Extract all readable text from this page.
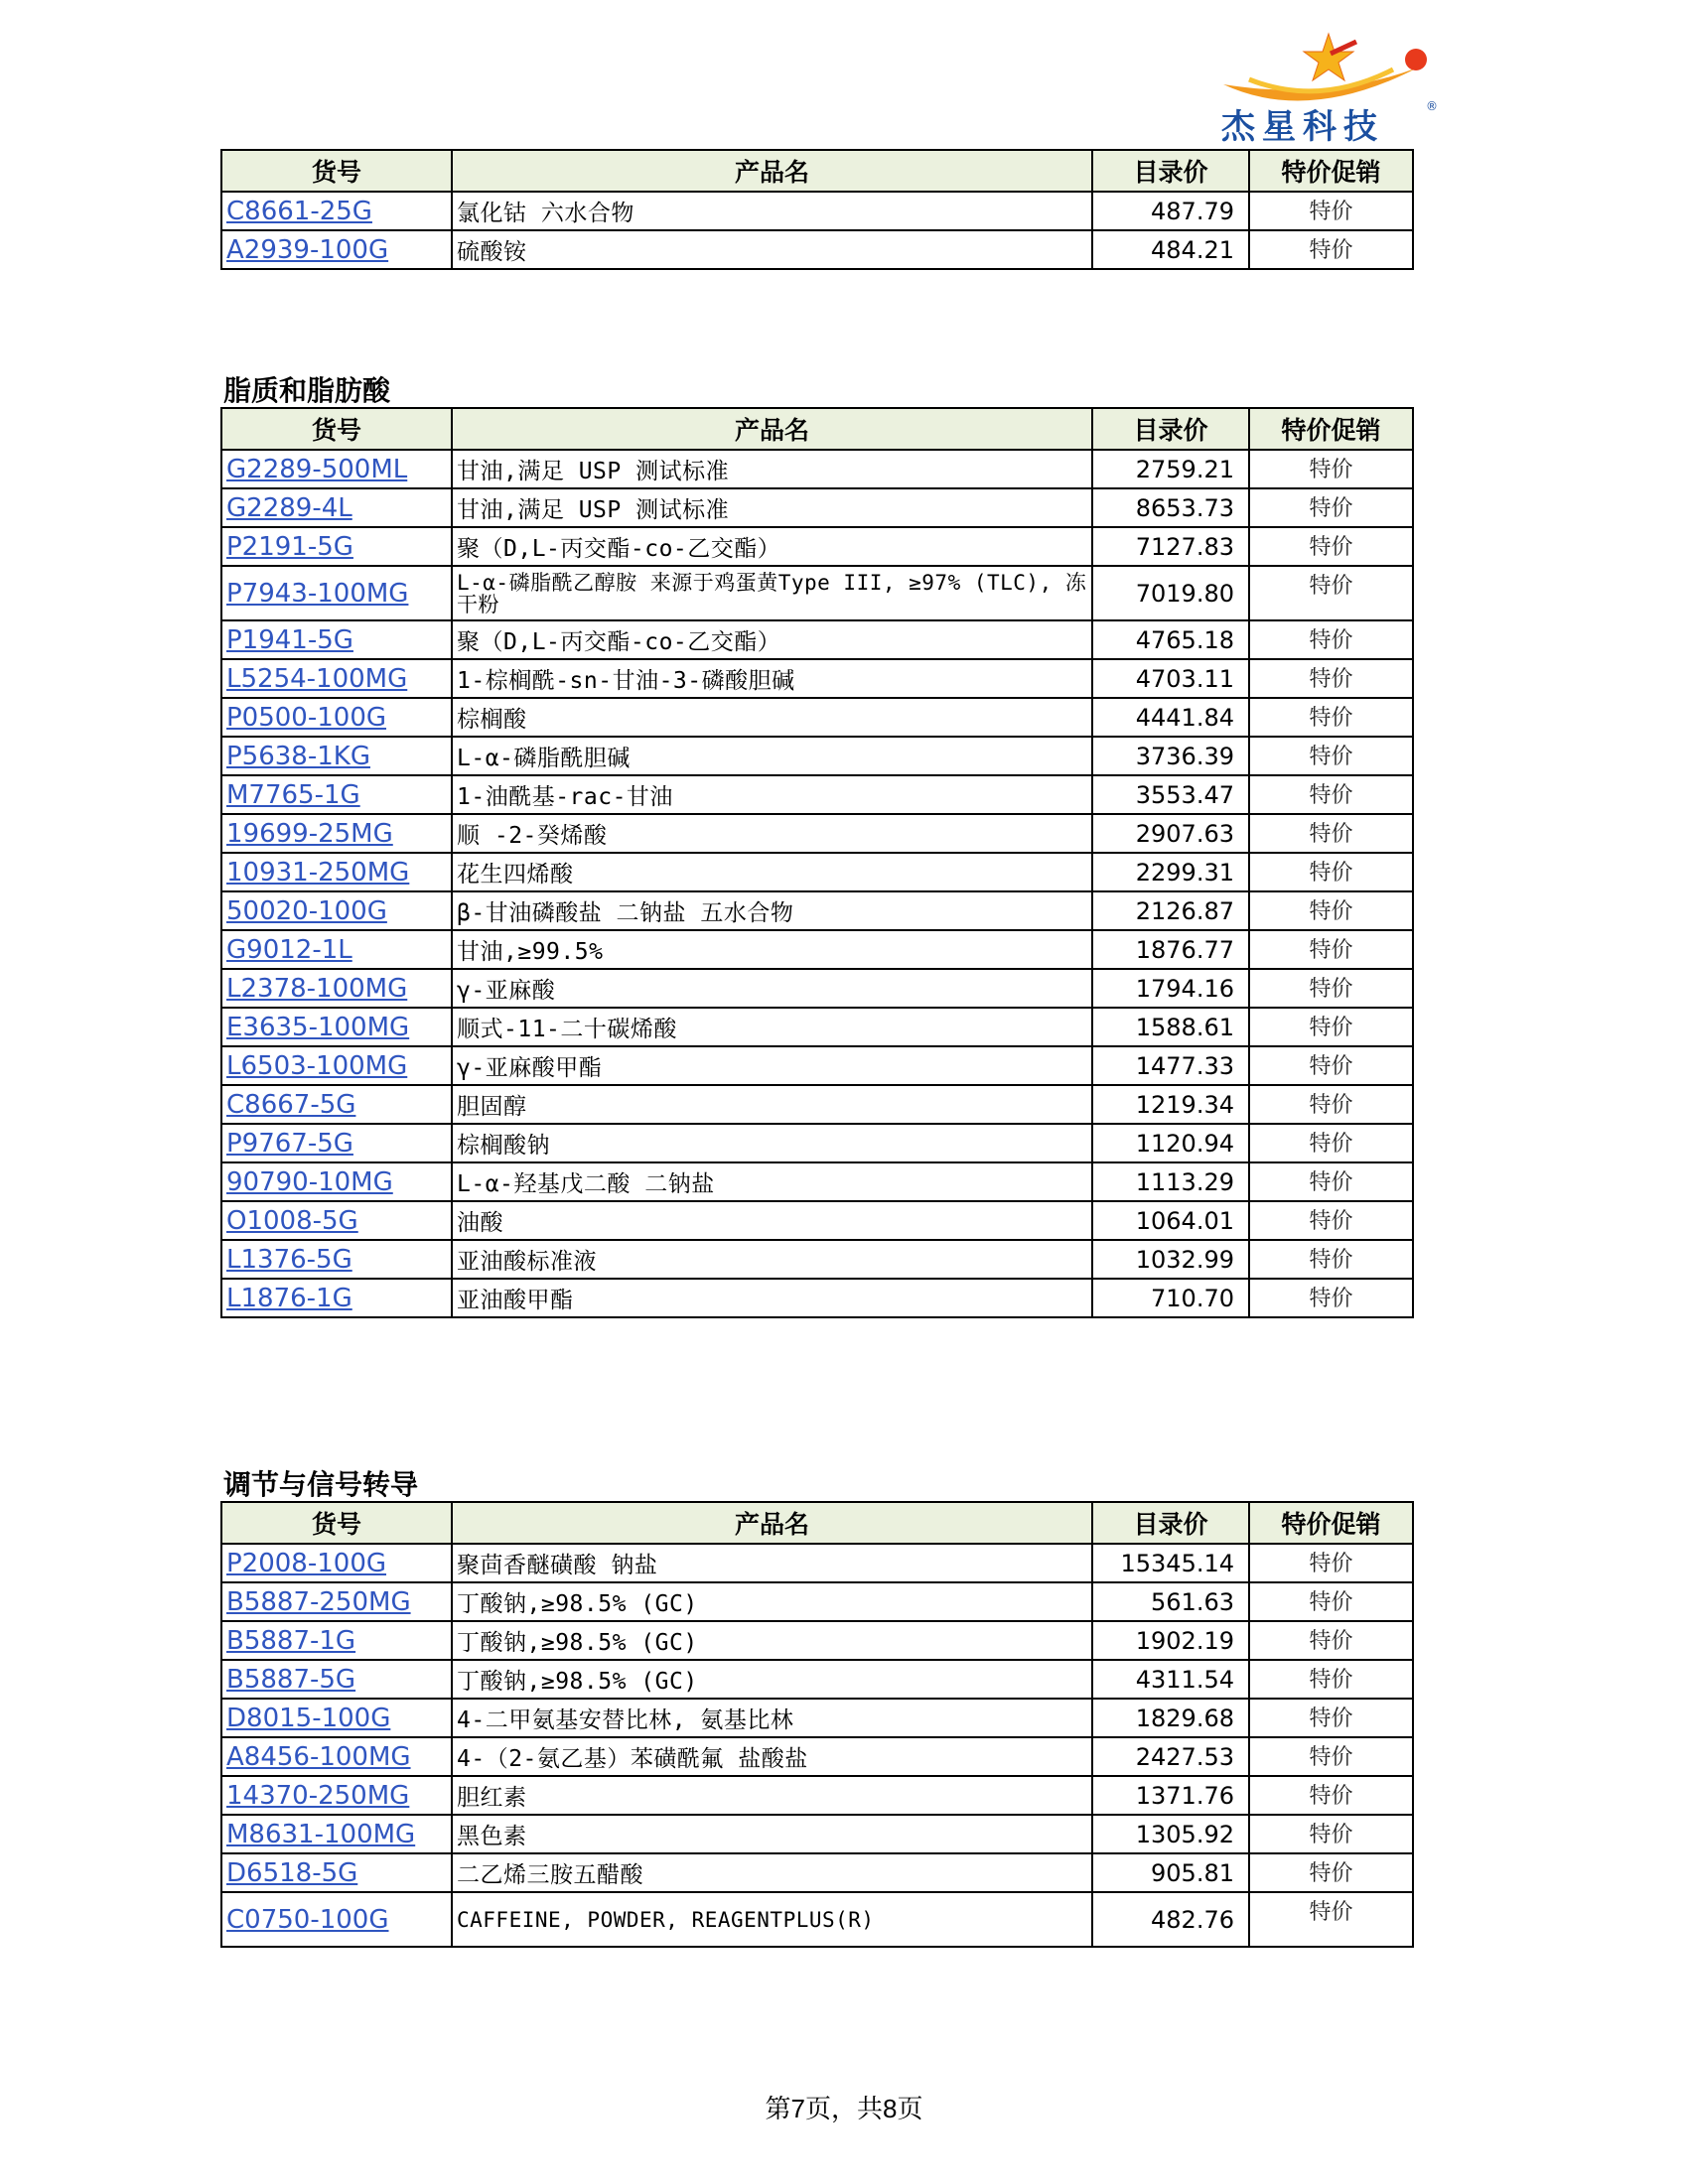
杰星科技
®
货号	产品名	目录价	特价促销
C8661-25G	氯化钴 六水合物	487.79	特价
A2939-100G	硫酸铵	484.21	特价
脂质和脂肪酸
货号	产品名	目录价	特价促销
G2289-500ML	甘油,满足 USP 测试标准	2759.21	特价
G2289-4L	甘油,满足 USP 测试标准	8653.73	特价
P2191-5G	聚（D,L-丙交酯-co-乙交酯）	7127.83	特价
P7943-100MG	L-α-磷脂酰乙醇胺 来源于鸡蛋黄Type III, ≥97% (TLC), 冻干粉	7019.80	特价
P1941-5G	聚（D,L-丙交酯-co-乙交酯）	4765.18	特价
L5254-100MG	1-棕榈酰-sn-甘油-3-磷酸胆碱	4703.11	特价
P0500-100G	棕榈酸	4441.84	特价
P5638-1KG	L-α-磷脂酰胆碱	3736.39	特价
M7765-1G	1-油酰基-rac-甘油	3553.47	特价
19699-25MG	顺 -2-癸烯酸	2907.63	特价
10931-250MG	花生四烯酸	2299.31	特价
50020-100G	β-甘油磷酸盐 二钠盐 五水合物	2126.87	特价
G9012-1L	甘油,≥99.5%	1876.77	特价
L2378-100MG	γ-亚麻酸	1794.16	特价
E3635-100MG	顺式-11-二十碳烯酸	1588.61	特价
L6503-100MG	γ-亚麻酸甲酯	1477.33	特价
C8667-5G	胆固醇	1219.34	特价
P9767-5G	棕榈酸钠	1120.94	特价
90790-10MG	L-α-羟基戊二酸 二钠盐	1113.29	特价
O1008-5G	油酸	1064.01	特价
L1376-5G	亚油酸标准液	1032.99	特价
L1876-1G	亚油酸甲酯	710.70	特价
调节与信号转导
货号	产品名	目录价	特价促销
P2008-100G	聚茴香醚磺酸 钠盐	15345.14	特价
B5887-250MG	丁酸钠,≥98.5% (GC)	561.63	特价
B5887-1G	丁酸钠,≥98.5% (GC)	1902.19	特价
B5887-5G	丁酸钠,≥98.5% (GC)	4311.54	特价
D8015-100G	4-二甲氨基安替比林, 氨基比林	1829.68	特价
A8456-100MG	4-（2-氨乙基）苯磺酰氟 盐酸盐	2427.53	特价
14370-250MG	胆红素	1371.76	特价
M8631-100MG	黑色素	1305.92	特价
D6518-5G	二乙烯三胺五醋酸	905.81	特价
C0750-100G	CAFFEINE, POWDER, REAGENTPLUS(R)	482.76	特价
第7页，共8页
